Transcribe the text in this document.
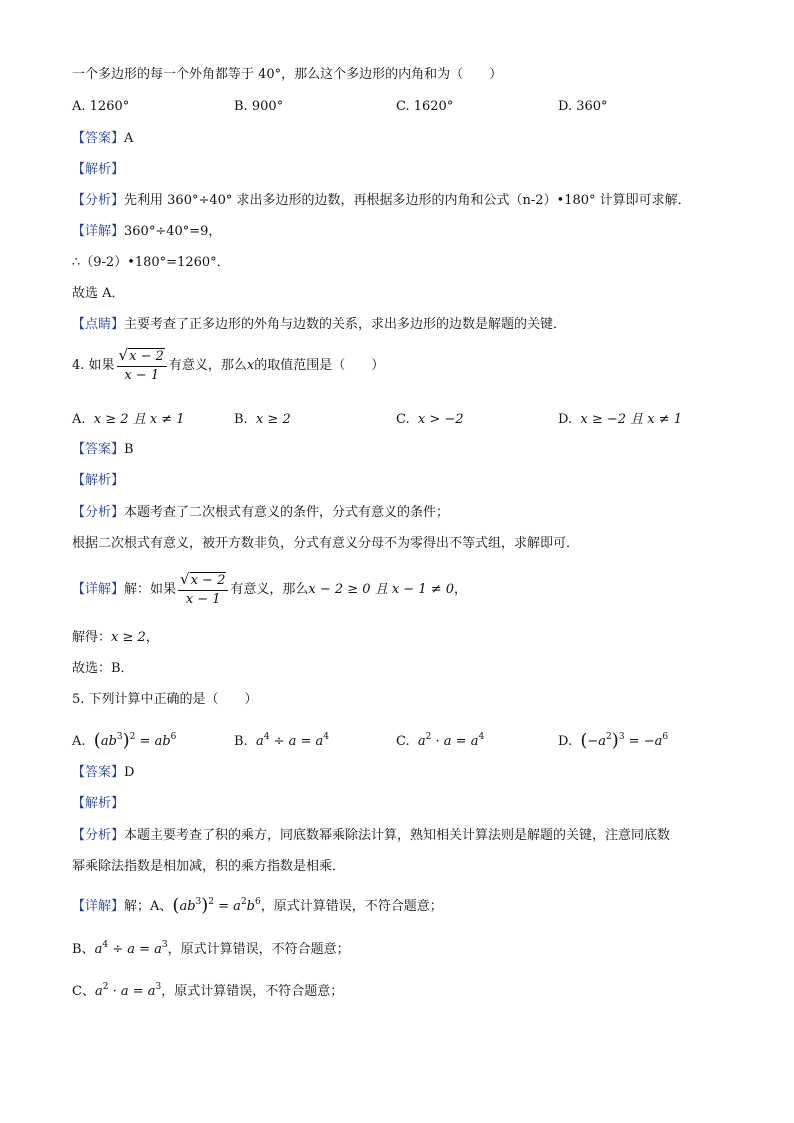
一个多边形的每一个外角都等于 40°，那么这个多边形的内角和为（　　）
A. 1260°	B. 900°	C. 1620°	D. 360°
【答案】A
【解析】
【分析】先利用 360°÷40° 求出多边形的边数，再根据多边形的内角和公式（n-2）•180° 计算即可求解．
【详解】360°÷40°=9，
∴（9-2）•180°=1260°．
故选 A．
【点睛】主要考查了正多边形的外角与边数的关系，求出多边形的边数是解题的关键．
4. 如果 $\frac{√x - 2}{x - 1}$ 有意义，那么x的取值范围是（　　）
A. x ≥ 2 且 x ≠ 1	B. x ≥ 2	C. x > −2	D. x ≥ −2 且 x ≠ 1
【答案】B
【解析】
【分析】本题考查了二次根式有意义的条件，分式有意义的条件；
根据二次根式有意义，被开方数非负，分式有意义分母不为零得出不等式组，求解即可．
【详解】解：如果 $\frac{√x - 2}{x - 1}$ 有意义，那么x − 2 ≥ 0 且 x − 1 ≠ 0，
解得：x ≥ 2，
故选：B．
5. 下列计算中正确的是（　　）
A. $(ab^3)^2 = ab^6$	B. $a^4 \div a = a^4$	C. $a^2 \cdot a = a^4$	D. $(-a^2)^3 = -a^6$
【答案】D
【解析】
【分析】本题主要考查了积的乘方，同底数幂乘除法计算，熟知相关计算法则是解题的关键，注意同底数
幂乘除法指数是相加减，积的乘方指数是相乘．
【详解】解；A、$(ab^3)^2 = a^2b^6$，原式计算错误，不符合题意；
B、$a^4 \div a = a^3$，原式计算错误，不符合题意；
C、$a^2 \cdot a = a^3$，原式计算错误，不符合题意；
